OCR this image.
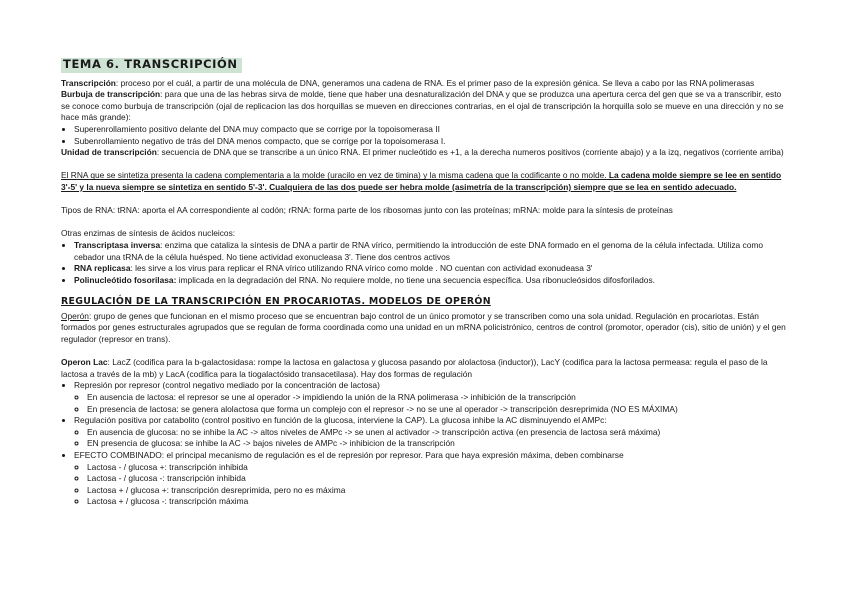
TEMA 6. TRANSCRIPCIÓN

Transcripción: proceso por el cuál, a partir de una molécula de DNA, generamos una cadena de RNA. Es el primer paso de la expresión génica. Se lleva a cabo por las RNA polimerasas

Burbuja de transcripción: para que una de las hebras sirva de molde, tiene que haber una desnaturalización del DNA y que se produzca una apertura cerca del gen que se va a transcribir, esto se conoce como burbuja de transcripción (ojal de replicacion las dos horquillas se mueven en direcciones contrarias, en el ojal de transcripción la horquilla solo se mueve en una dirección y no se hace más grande):

• Superenrollamiento positivo delante del DNA muy compacto que se corrige por la topoisomerasa II
• Subenrollamiento negativo de trás del DNA menos compacto, que se corrige por la topoisomerasa I.

Unidad de transcripción: secuencia de DNA que se transcribe a un único RNA. El primer nucleótido es +1, a la derecha numeros positivos (corriente abajo) y a la izq, negativos (corriente arriba)

El RNA que se sintetiza presenta la cadena complementaria a la molde (uracilo en vez de timina) y la misma cadena que la codificante o no molde. La cadena molde siempre se lee en sentido 3'-5' y la nueva siempre se sintetiza en sentido 5'-3'. Cualquiera de las dos puede ser hebra molde (asimetría de la transcripción) siempre que se lea en sentido adecuado.

Tipos de RNA: tRNA: aporta el AA correspondiente al codón; rRNA: forma parte de los ribosomas junto con las proteínas; mRNA: molde para la síntesis de proteínas

Otras enzimas de síntesis de ácidos nucleicos:

• Transcriptasa inversa: enzima que cataliza la síntesis de DNA a partir de RNA vírico, permitiendo la introducción de este DNA formado en el genoma de la célula infectada. Utiliza como cebador una tRNA de la célula huésped. No tiene actividad exonucleasa 3'. Tiene dos centros activos
• RNA replicasa: les sirve a los virus para replicar el RNA vírico utilizando RNA vírico como molde . NO cuentan con actividad exonudeasa 3'
• Polinucleótido fosorilasa: implicada en la degradación del RNA. No requiere molde, no tiene una secuencia específica. Usa ribonucleósidos difosforilados.
REGULACIÓN DE LA TRANSCRIPCIÓN EN PROCARIOTAS. MODELOS DE OPERÓN

Operón: grupo de genes que funcionan en el mismo proceso que se encuentran bajo control de un único promotor y se transcriben como una sola unidad. Regulación en procariotas. Están formados por genes estructurales agrupados que se regulan de forma coordinada como una unidad en un mRNA policistrónico, centros de control (promotor, operador (cis), sitio de unión) y el gen regulador (represor en trans).

Operon Lac: LacZ (codifica para la b-galactosidasa: rompe la lactosa en galactosa y glucosa pasando por alolactosa (inductor)), LacY (codifica para la lactosa permeasa: regula el paso de la lactosa a través de la mb) y LacA (codifica para la tiogalactósido transacetilasa). Hay dos formas de regulación

• Represión por represor (control negativo mediado por la concentración de lactosa)
◦ En ausencia de lactosa: el represor se une al operador -> impidiendo la unión de la RNA polimerasa -> inhibición de la transcripción
◦ En presencia de lactosa: se genera alolactosa que forma un complejo con el represor -> no se une al operador -> transcripción desreprimida (NO ES MÁXIMA)
• Regulación positiva por catabolito (control positivo en función de la glucosa, interviene la CAP). La glucosa inhibe la AC disminuyendo el AMPc:
◦ En ausencia de glucosa: no se inhibe la AC -> altos niveles de AMPc -> se unen al activador -> transcripción activa (en presencia de lactosa será máxima)
◦ EN presencia de glucosa: se inhibe la AC -> bajos niveles de AMPc -> inhibicion de la transcripción
• EFECTO COMBINADO: el principal mecanismo de regulación es el de represión por represor. Para que haya expresión máxima, deben combinarse
◦ Lactosa - / glucosa +: transcripción inhibida
◦ Lactosa - / glucosa -: transcripción inhibida
◦ Lactosa + / glucosa +: transcripción desreprimida, pero no es máxima
◦ Lactosa + / glucosa -: transcripción máxima
